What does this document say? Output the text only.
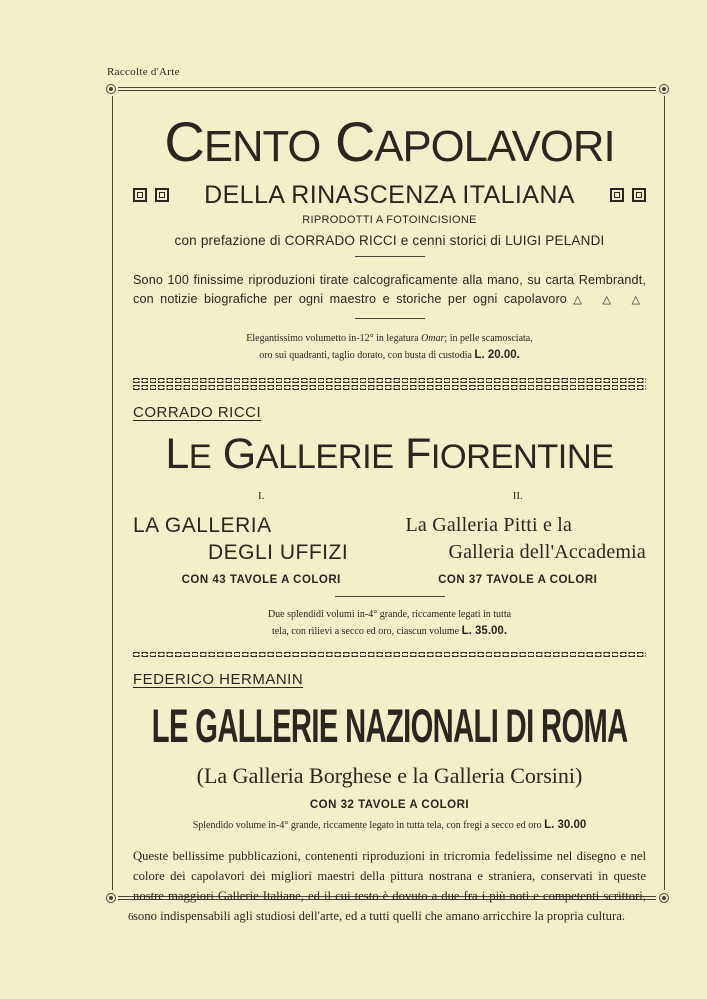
Raccolte d'Arte
CENTO CAPOLAVORI
DELLA RINASCENZA ITALIANA
RIPRODOTTI A FOTOINCISIONE
con prefazione di CORRADO RICCI e cenni storici di LUIGI PELANDI
Sono 100 finissime riproduzioni tirate calcograficamente alla mano, su carta Rembrandt,
con notizie biografiche per ogni maestro e storiche per ogni capolavoro △ △ △
Elegantissimo volumetto in-12° in legatura Omar; in pelle scamosciata,
oro sui quadranti, taglio dorato, con busta di custodia L. 20.00.
CORRADO RICCI
LE GALLERIE FIORENTINE
I.
LA GALLERIA
DEGLI UFFIZI
CON 43 TAVOLE A COLORI
II.
La Galleria Pitti e la
Galleria dell'Accademia
CON 37 TAVOLE A COLORI
Due splendidi volumi in-4° grande, riccamente legati in tutta
tela, con rilievi a secco ed oro, ciascun volume L. 35.00.
FEDERICO HERMANIN
LE GALLERIE NAZIONALI DI ROMA
(La Galleria Borghese e la Galleria Corsini)
CON 32 TAVOLE A COLORI
Splendido volume in-4° grande, riccamente legato in tutta tela, con fregi a secco ed oro L. 30.00
Queste bellissime pubblicazioni, contenenti riproduzioni in tricromia fedelissime nel disegno e nel colore dei capolavori dei migliori maestri della pittura nostrana e straniera, conservati in queste nostre maggiori Gallerie Italiane, ed il cui testo è dovuto a due fra i più noti e competenti scrittori, sono indispensabili agli studiosi dell'arte, ed a tutti quelli che amano arricchire la propria cultura.
6
